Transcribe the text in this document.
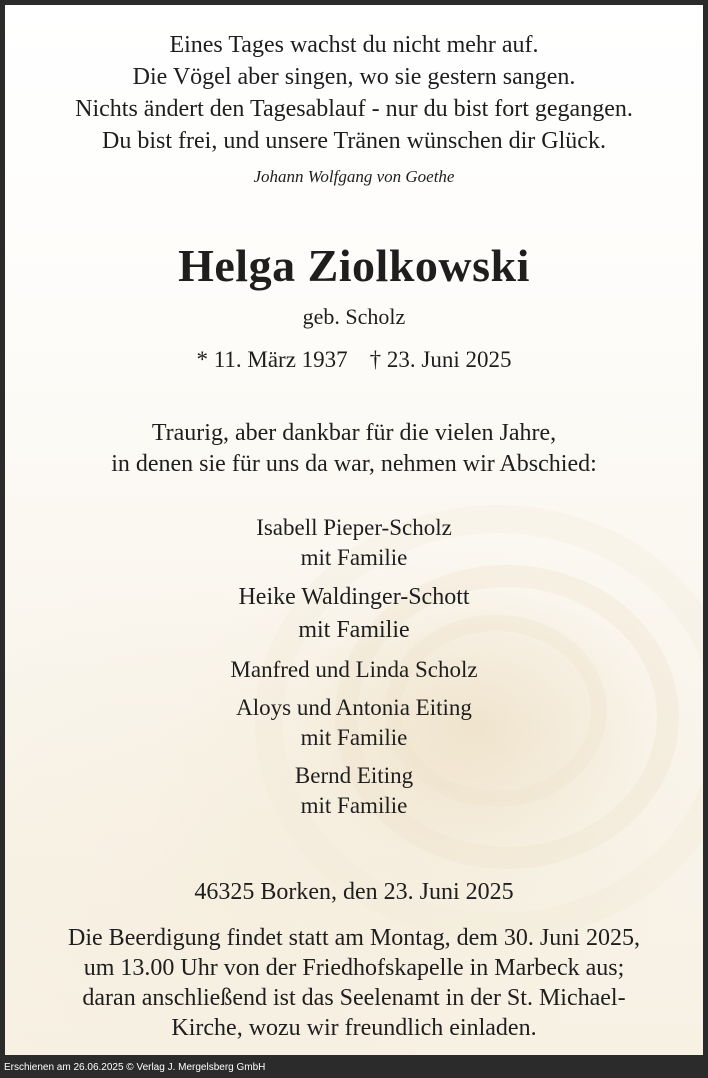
Eines Tages wachst du nicht mehr auf.
Die Vögel aber singen, wo sie gestern sangen.
Nichts ändert den Tagesablauf - nur du bist fort gegangen.
Du bist frei, und unsere Tränen wünschen dir Glück.
Johann Wolfgang von Goethe
Helga Ziolkowski
geb. Scholz
* 11. März 1937 † 23. Juni 2025
Traurig, aber dankbar für die vielen Jahre,
in denen sie für uns da war, nehmen wir Abschied:
Isabell Pieper-Scholz
mit Familie
Heike Waldinger-Schott
mit Familie
Manfred und Linda Scholz
Aloys und Antonia Eiting
mit Familie
Bernd Eiting
mit Familie
46325 Borken, den 23. Juni 2025
Die Beerdigung findet statt am Montag, dem 30. Juni 2025,
um 13.00 Uhr von der Friedhofskapelle in Marbeck aus;
daran anschließend ist das Seelenamt in der St. Michael-
Kirche, wozu wir freundlich einladen.
Erschienen am 26.06.2025 © Verlag J. Mergelsberg GmbH
